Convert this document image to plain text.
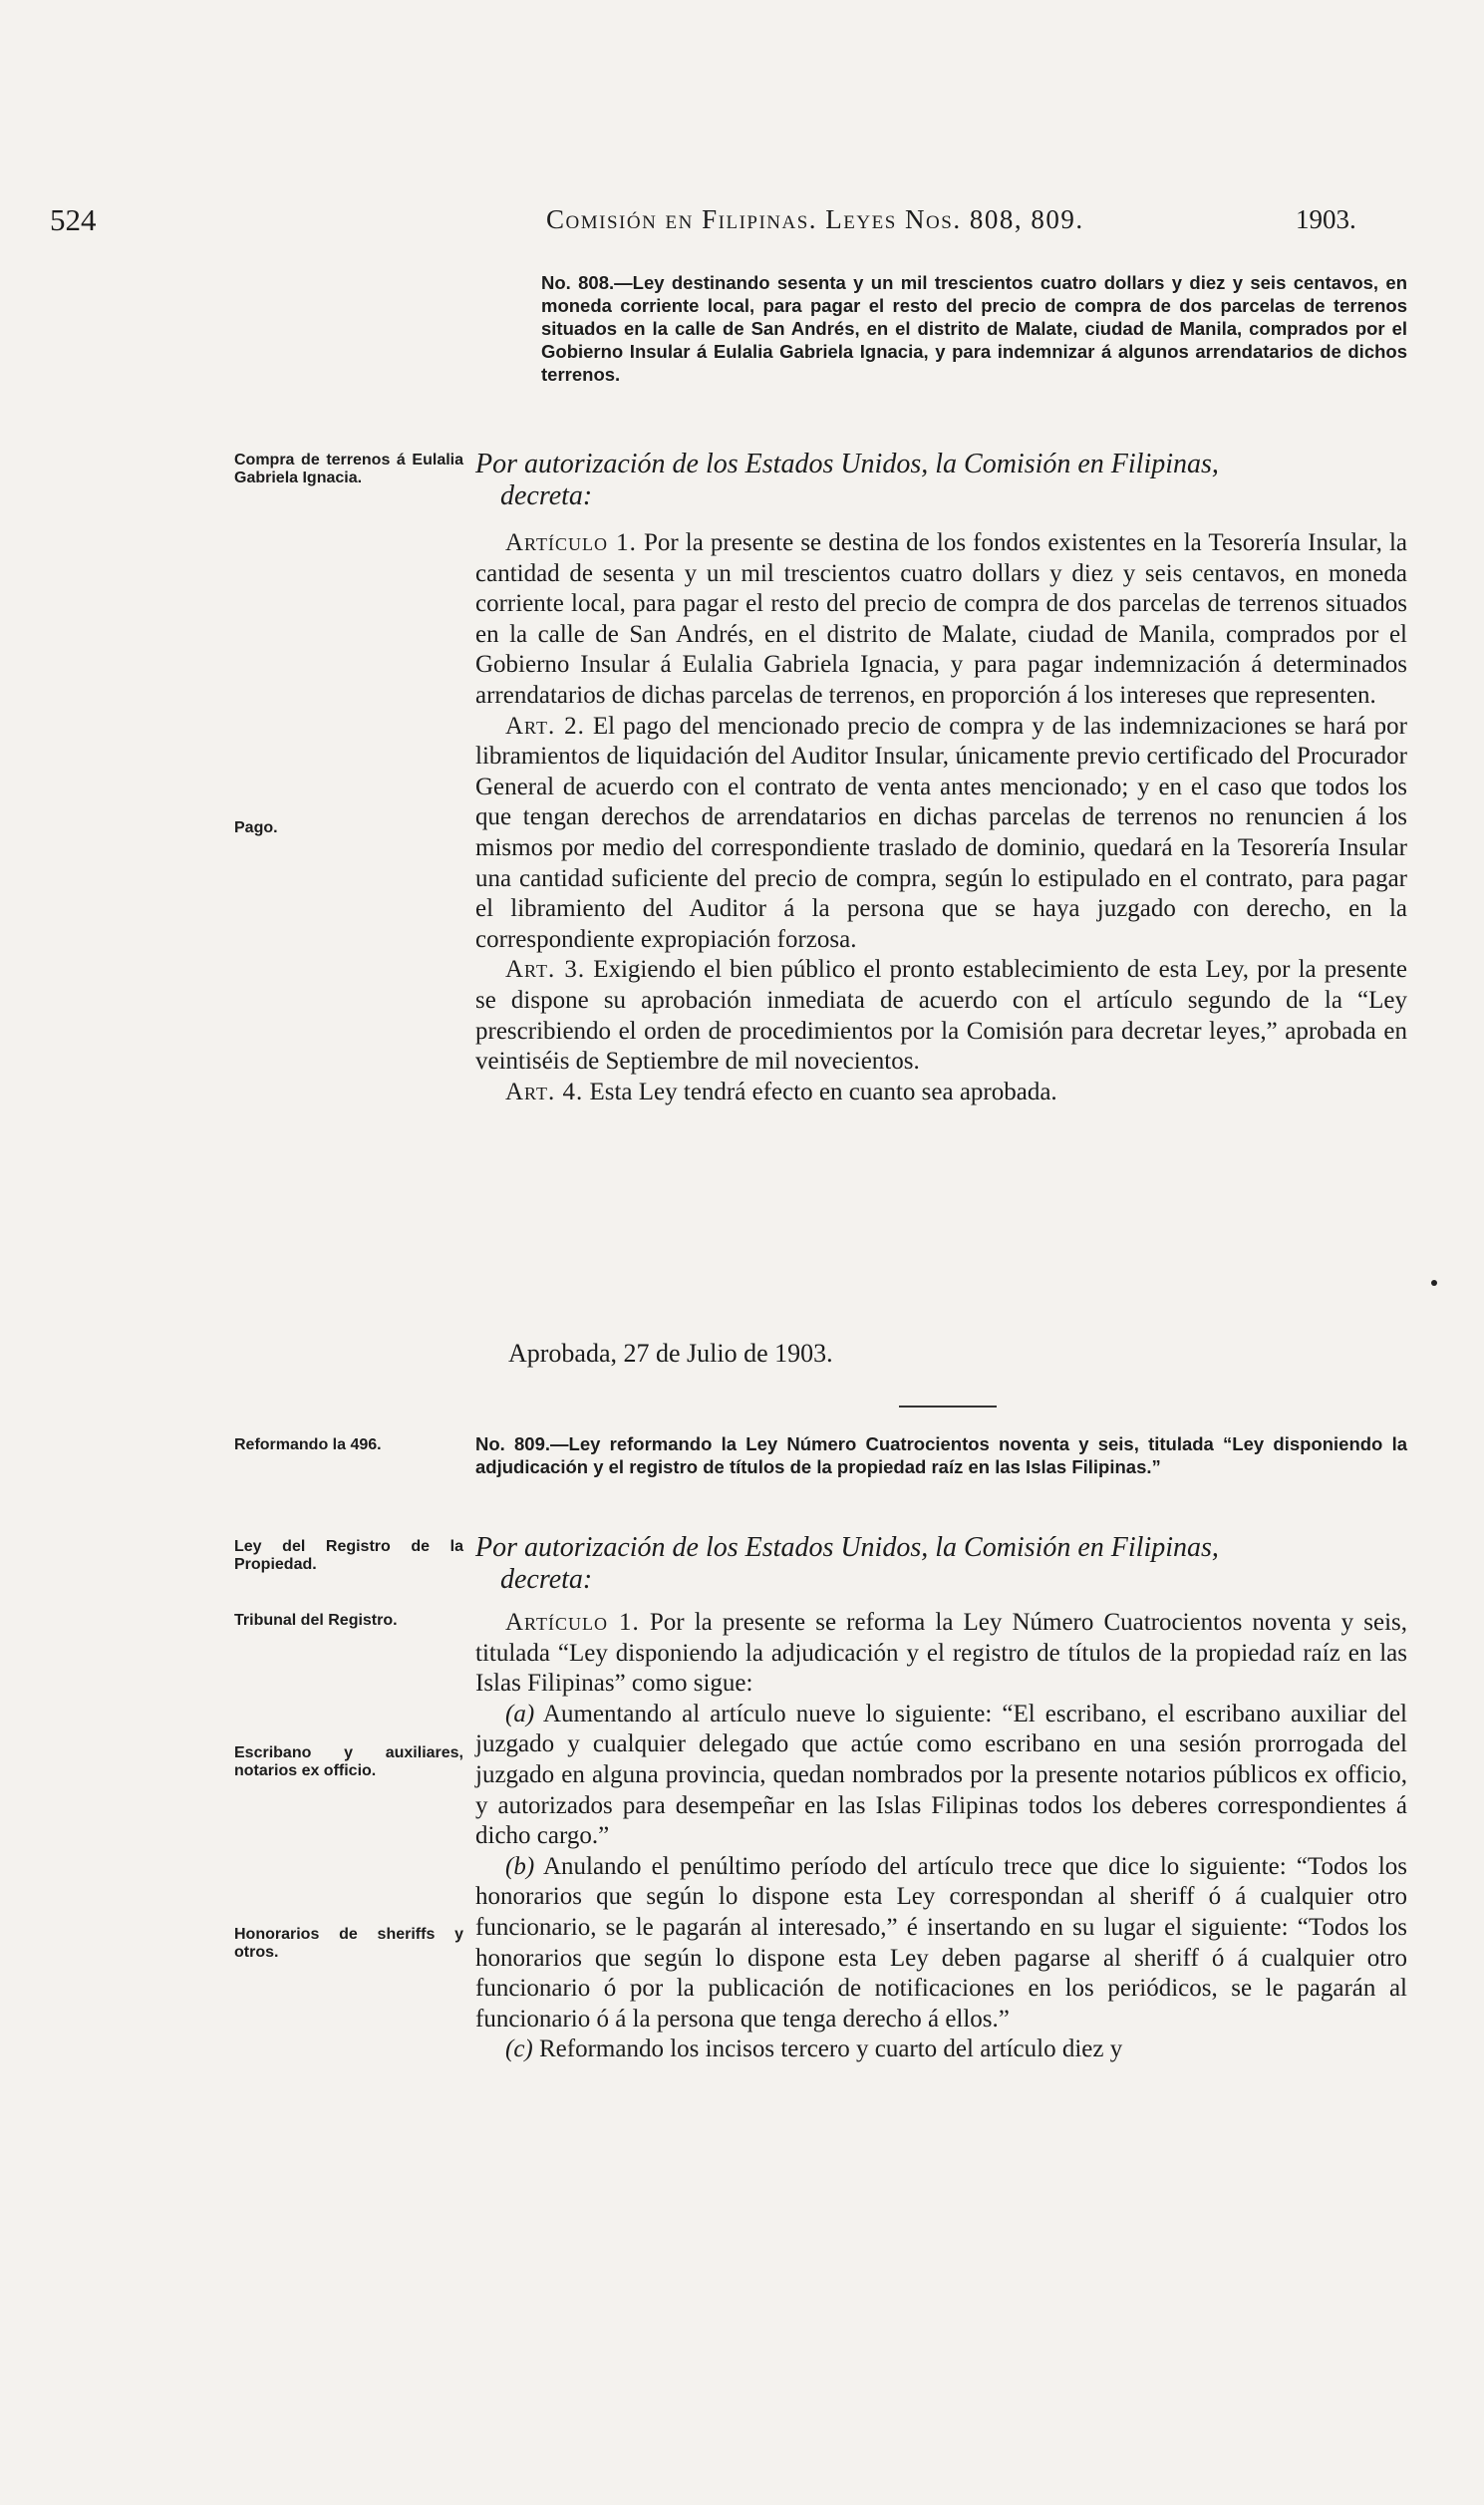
524	Comisión en Filipinas. Leyes Nos. 808, 809.	1903.
No. 808.—Ley destinando sesenta y un mil trescientos cuatro dollars y diez y seis centavos, en moneda corriente local, para pagar el resto del precio de compra de dos parcelas de terrenos situados en la calle de San Andrés, en el distrito de Malate, ciudad de Manila, comprados por el Gobierno Insular á Eulalia Gabriela Ignacia, y para indemnizar á algunos arrendatarios de dichos terrenos.
Compra de terrenos á Eulalia Gabriela Ignacia.	Por autorización de los Estados Unidos, la Comisión en Filipinas,
decreta:

Artículo 1. Por la presente se destina de los fondos existentes en la Tesorería Insular, la cantidad de sesenta y un mil trescientos cuatro dollars y diez y seis centavos, en moneda corriente local, para pagar el resto del precio de compra de dos parcelas de terrenos situados en la calle de San Andrés, en el distrito de Malate, ciudad de Manila, comprados por el Gobierno Insular á Eulalia Gabriela Ignacia, y para pagar indemnización á determinados arrendatarios de dichas parcelas de terrenos, en proporción á los intereses que representen.

Art. 2. El pago del mencionado precio de compra y de las indemnizaciones se hará por libramientos de liquidación del Auditor Insular, únicamente previo certificado del Procurador General de acuerdo con el contrato de venta antes mencionado; y en el caso que todos los que tengan derechos de arrendatarios en dichas parcelas de terrenos no renuncien á los mismos por medio del correspondiente traslado de dominio, quedará en la Tesorería Insular una cantidad suficiente del precio de compra, según lo estipulado en el contrato, para pagar el libramiento del Auditor á la persona que se haya juzgado con derecho, en la correspondiente expropiación forzosa.

Art. 3. Exigiendo el bien público el pronto establecimiento de esta Ley, por la presente se dispone su aprobación inmediata de acuerdo con el artículo segundo de la “Ley prescribiendo el orden de procedimientos por la Comisión para decretar leyes,” aprobada en veintiséis de Septiembre de mil novecientos.

Art. 4. Esta Ley tendrá efecto en cuanto sea aprobada.

Pago.
Aprobada, 27 de Julio de 1903.
Reformando la 496.	No. 809.—Ley reformando la Ley Número Cuatrocientos noventa y seis, titulada “Ley disponiendo la adjudicación y el registro de títulos de la propiedad raíz en las Islas Filipinas.”
Ley del Registro de la Propiedad.
Por autorización de los Estados Unidos, la Comisión en Filipinas,
decreta:
Tribunal del Registro.
Escribano y auxiliares, notarios ex officio.
Honorarios de sheriffs y otros.

Artículo 1. Por la presente se reforma la Ley Número Cuatrocientos noventa y seis, titulada “Ley disponiendo la adjudicación y el registro de títulos de la propiedad raíz en las Islas Filipinas” como sigue:

(a) Aumentando al artículo nueve lo siguiente: “El escribano, el escribano auxiliar del juzgado y cualquier delegado que actúe como escribano en una sesión prorrogada del juzgado en alguna provincia, quedan nombrados por la presente notarios públicos ex officio, y autorizados para desempeñar en las Islas Filipinas todos los deberes correspondientes á dicho cargo.”

(b) Anulando el penúltimo período del artículo trece que dice lo siguiente: “Todos los honorarios que según lo dispone esta Ley correspondan al sheriff ó á cualquier otro funcionario, se le pagarán al interesado,” é insertando en su lugar el siguiente: “Todos los honorarios que según lo dispone esta Ley deben pagarse al sheriff ó á cualquier otro funcionario ó por la publicación de notificaciones en los periódicos, se le pagarán al funcionario ó á la persona que tenga derecho á ellos.”

(c) Reformando los incisos tercero y cuarto del artículo diez y
